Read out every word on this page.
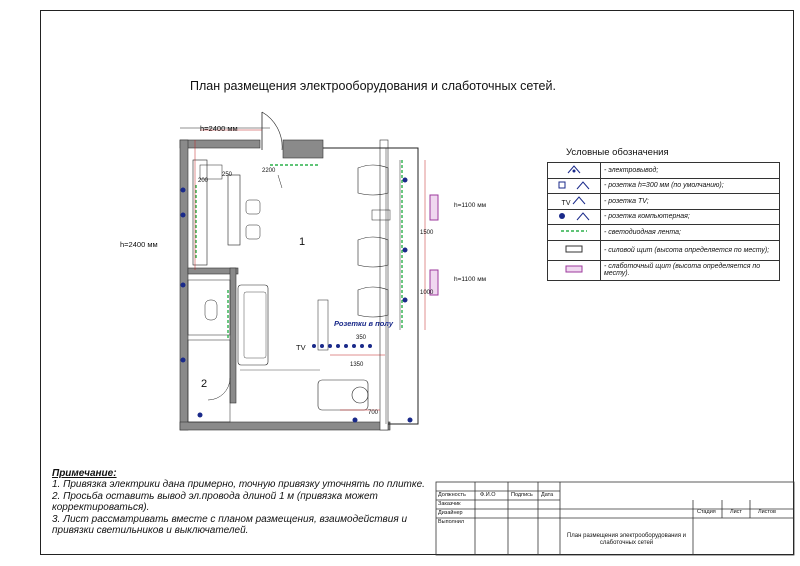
План размещения электрооборудования и слаботочных сетей.
h=2400 мм
h=2400 мм	1
2
Розетки в полу
TV
h=1100 мм
h=1100 мм
2200
350
1350
700
1500
1000
200
250
Условные обозначения
	- электровывод;
	- розетка h=300 мм (по умолчанию);
TV	- розетка TV;
	- розетка компьютерная;
	- светодиодная лента;
	- силовой щит (высота определяется по месту);
	- слаботочный щит (высота определяется по месту).

Примечание:

1. Привязка электрики дана примерно, точную привязку уточнять по плитке.

2. Просьба оставить вывод эл.провода длиной 1 м (привязка может корректироваться).

3. Лист рассматривать вместе с планом размещения, взаимодействия и привязки светильников и выключателей.

Должность	Ф.И.О	Подпись Дата
Заказчик
Дизайнер
Выполнил
Стадия	Лист	Листов
План размещения электрооборудования и слаботочных сетей
